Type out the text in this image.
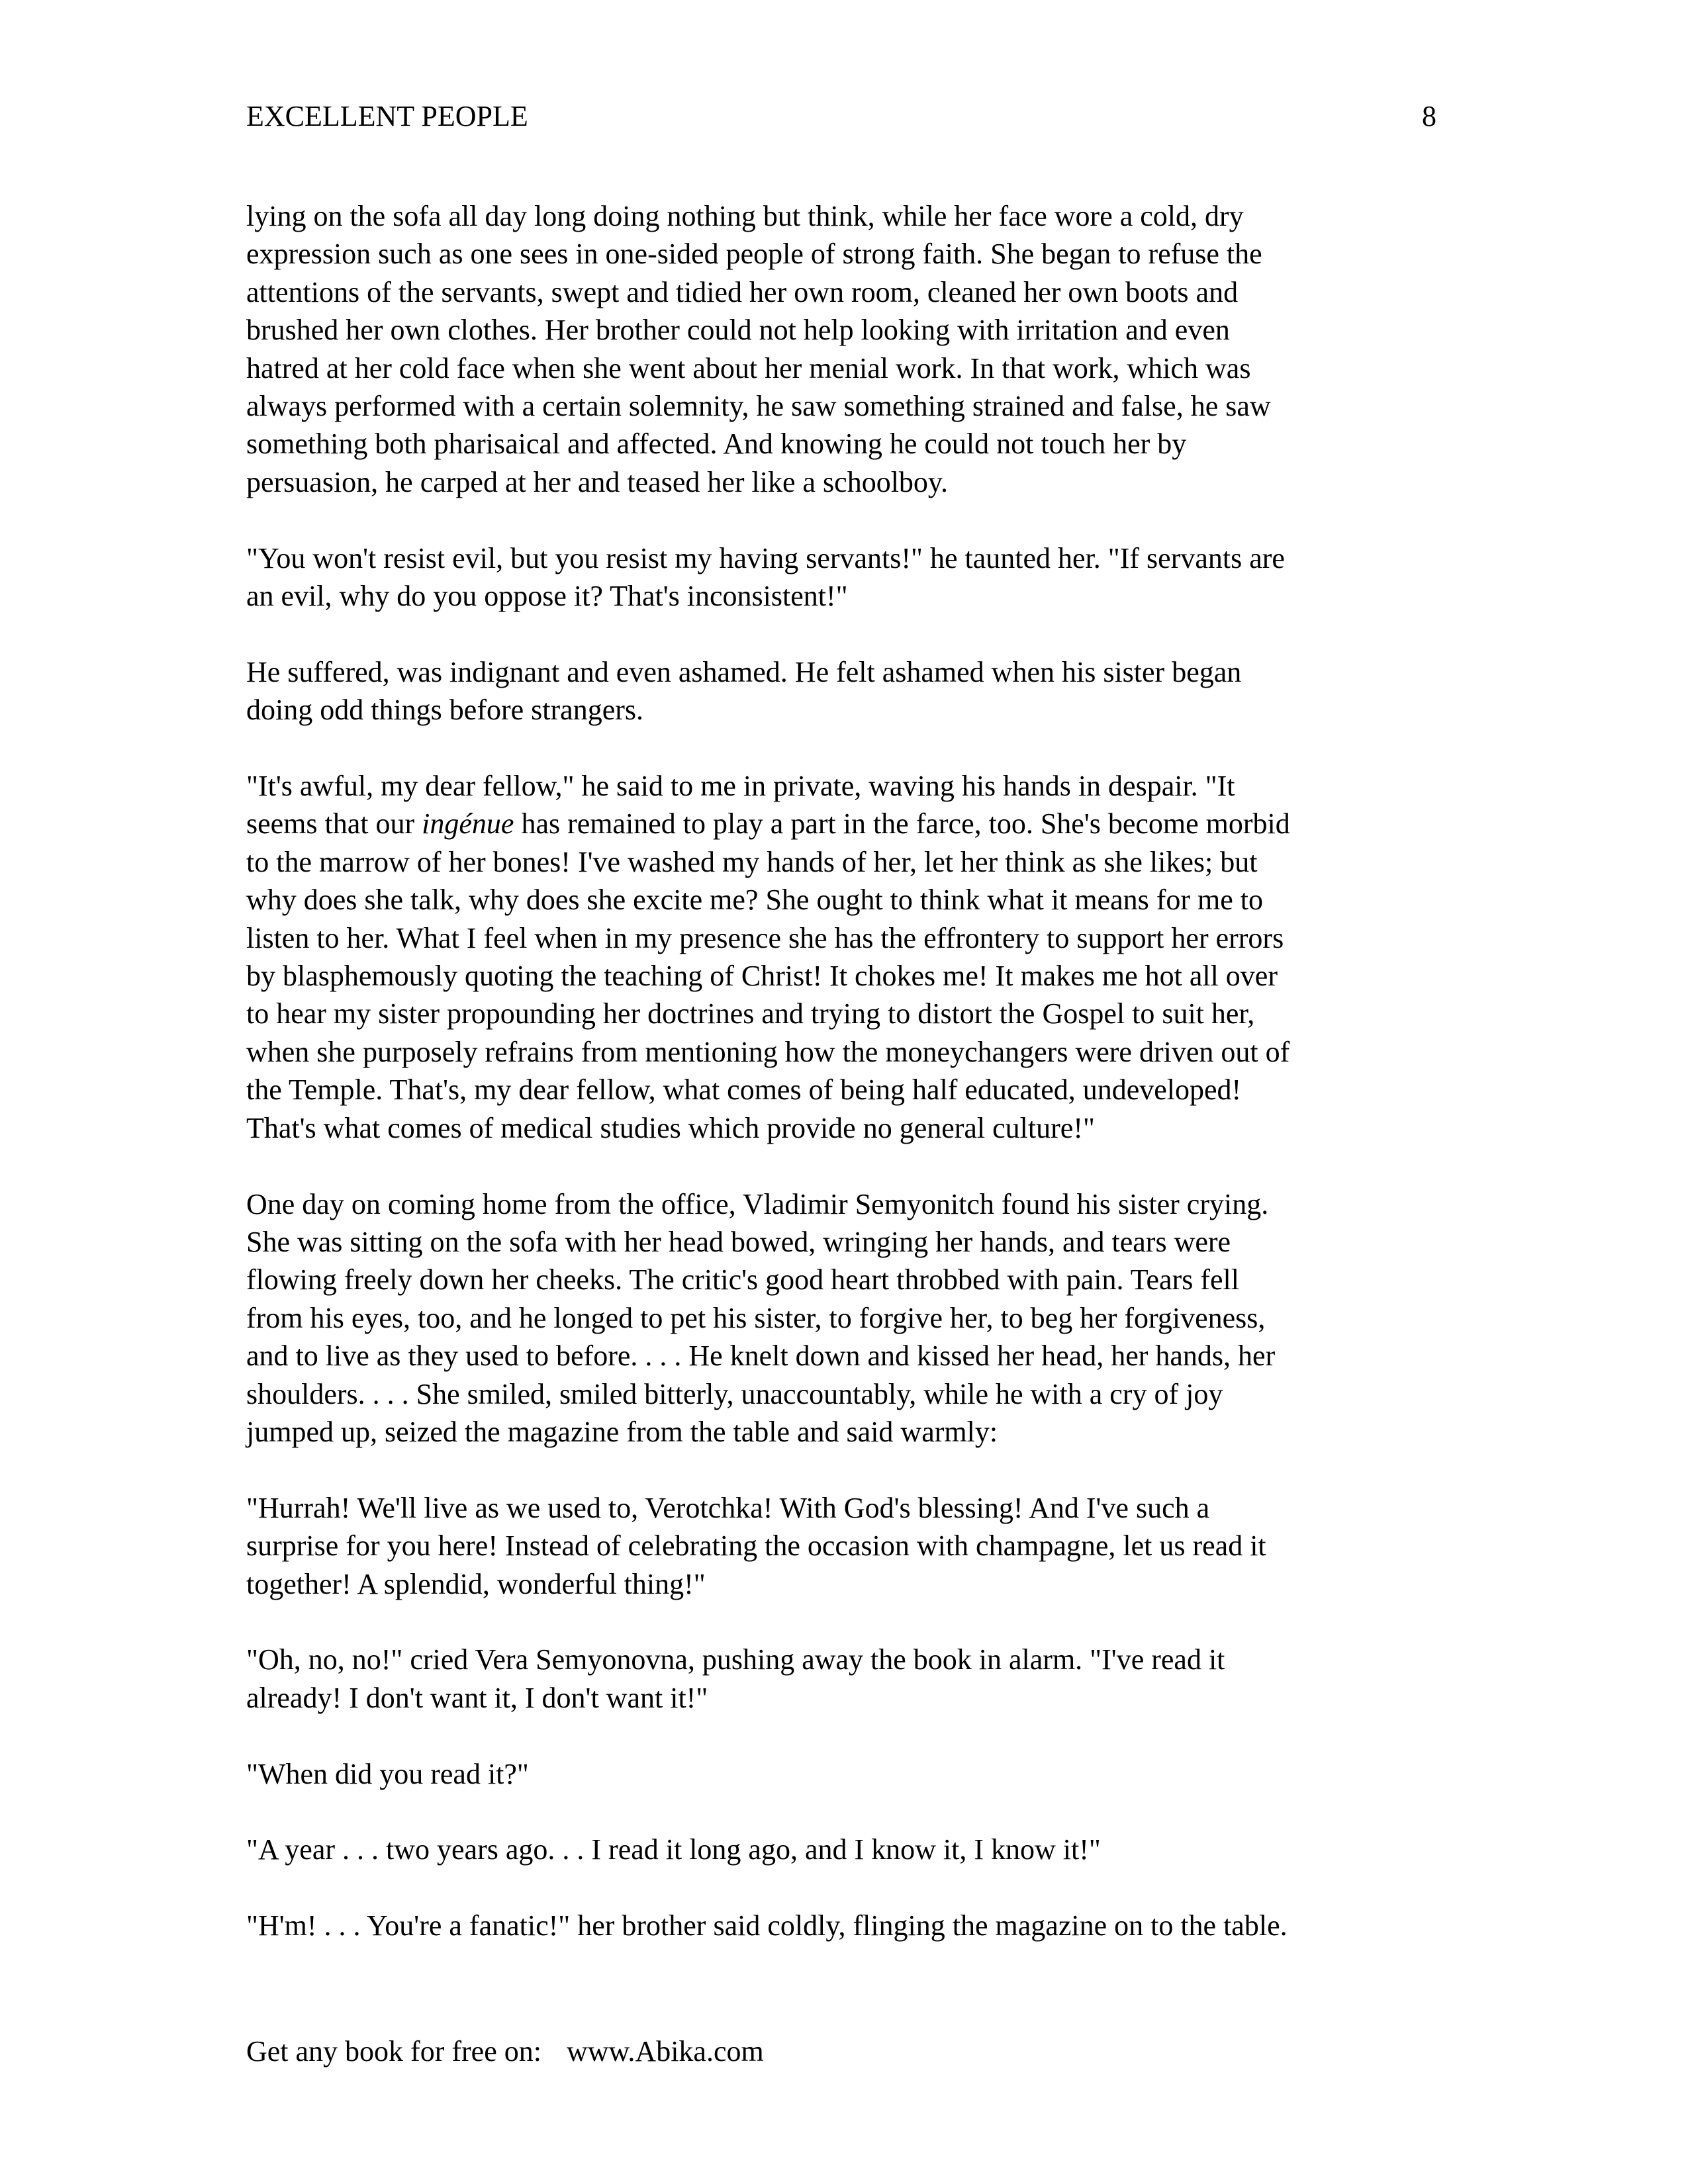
EXCELLENT PEOPLE	8

lying on the sofa all day long doing nothing but think, while her face wore a cold, dry
expression such as one sees in one-sided people of strong faith. She began to refuse the
attentions of the servants, swept and tidied her own room, cleaned her own boots and
brushed her own clothes. Her brother could not help looking with irritation and even
hatred at her cold face when she went about her menial work. In that work, which was
always performed with a certain solemnity, he saw something strained and false, he saw
something both pharisaical and affected. And knowing he could not touch her by
persuasion, he carped at her and teased her like a schoolboy.

"You won't resist evil, but you resist my having servants!" he taunted her. "If servants are
an evil, why do you oppose it? That's inconsistent!"

He suffered, was indignant and even ashamed. He felt ashamed when his sister began
doing odd things before strangers.

"It's awful, my dear fellow," he said to me in private, waving his hands in despair. "It
seems that our ingénue has remained to play a part in the farce, too. She's become morbid
to the marrow of her bones! I've washed my hands of her, let her think as she likes; but
why does she talk, why does she excite me? She ought to think what it means for me to
listen to her. What I feel when in my presence she has the effrontery to support her errors
by blasphemously quoting the teaching of Christ! It chokes me! It makes me hot all over
to hear my sister propounding her doctrines and trying to distort the Gospel to suit her,
when she purposely refrains from mentioning how the moneychangers were driven out of
the Temple. That's, my dear fellow, what comes of being half educated, undeveloped!
That's what comes of medical studies which provide no general culture!"

One day on coming home from the office, Vladimir Semyonitch found his sister crying.
She was sitting on the sofa with her head bowed, wringing her hands, and tears were
flowing freely down her cheeks. The critic's good heart throbbed with pain. Tears fell
from his eyes, too, and he longed to pet his sister, to forgive her, to beg her forgiveness,
and to live as they used to before. . . . He knelt down and kissed her head, her hands, her
shoulders. . . . She smiled, smiled bitterly, unaccountably, while he with a cry of joy
jumped up, seized the magazine from the table and said warmly:

"Hurrah! We'll live as we used to, Verotchka! With God's blessing! And I've such a
surprise for you here! Instead of celebrating the occasion with champagne, let us read it
together! A splendid, wonderful thing!"

"Oh, no, no!" cried Vera Semyonovna, pushing away the book in alarm. "I've read it
already! I don't want it, I don't want it!"

"When did you read it?"

"A year . . . two years ago. . . I read it long ago, and I know it, I know it!"

"H'm! . . . You're a fanatic!" her brother said coldly, flinging the magazine on to the table.

Get any book for free on: www.Abika.com
